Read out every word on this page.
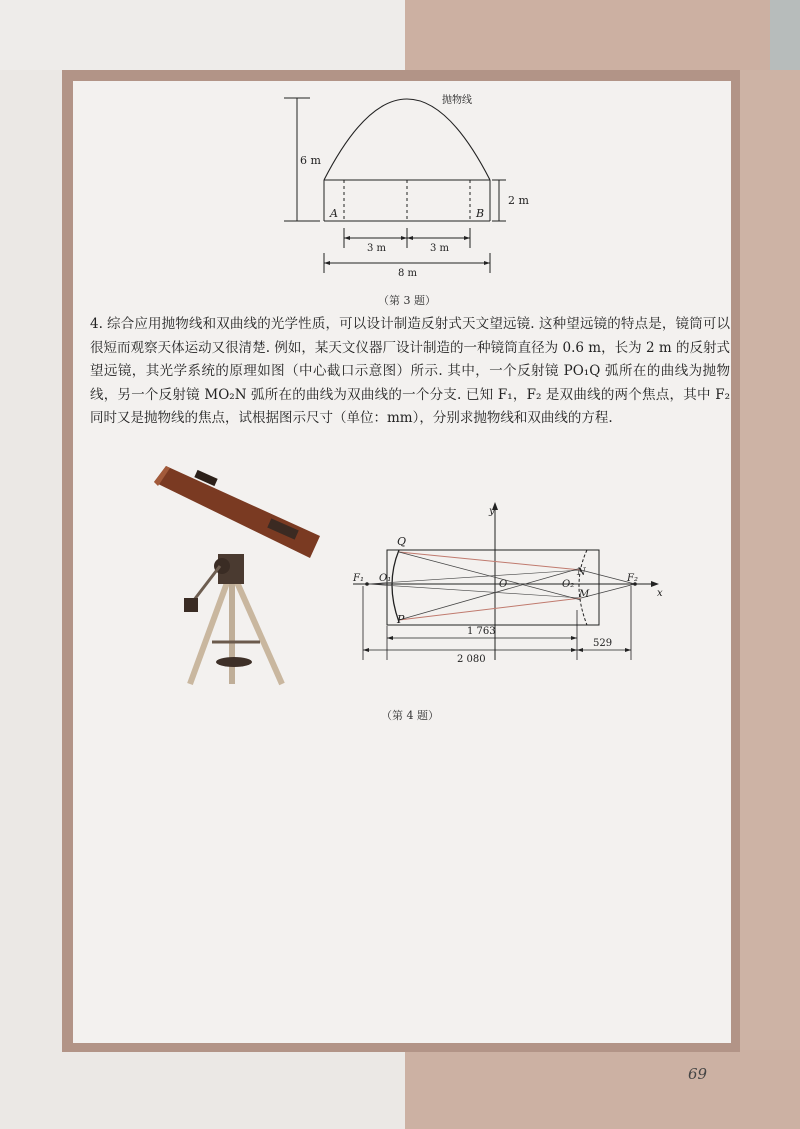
抛物线
6 m
2 m
A	B
3 m	3 m
8 m
（第 3 题）
4. 综合应用抛物线和双曲线的光学性质，可以设计制造反射式天文望远镜. 这种望远镜的特点是，镜筒可以很短而观察天体运动又很清楚. 例如，某天文仪器厂设计制造的一种镜筒直径为 0.6 m，长为 2 m 的反射式望远镜，其光学系统的原理如图（中心截口示意图）所示. 其中，一个反射镜 PO₁Q 弧所在的曲线为抛物线，另一个反射镜 MO₂N 弧所在的曲线为双曲线的一个分支. 已知 F₁，F₂ 是双曲线的两个焦点，其中 F₂ 同时又是抛物线的焦点，试根据图示尺寸（单位：mm），分别求抛物线和双曲线的方程.
y
x
Q
P
F₁ O₁
O	O₂
N
M
F₂
1 763
2 080
529
（第 4 题）
69
